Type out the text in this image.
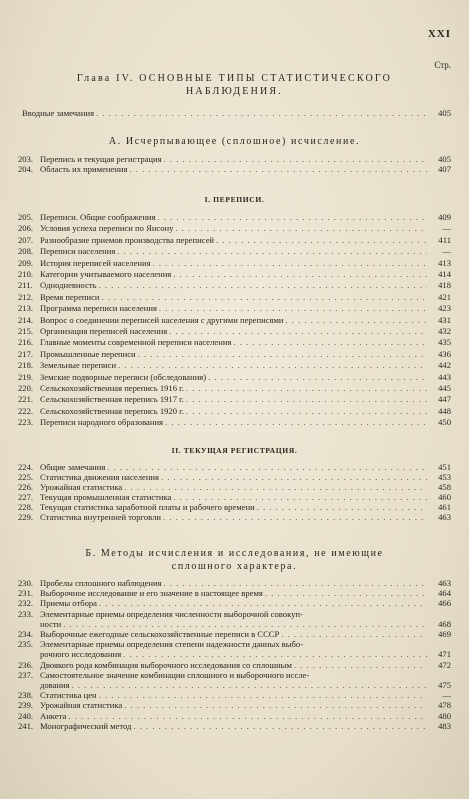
XXI
Стр.
Глава IV. ОСНОВНЫЕ ТИПЫ СТАТИСТИЧЕСКОГО
НАБЛЮДЕНИЯ.
Вводные замечания . . .	405
А. Исчерпывающее (сплошное) исчисление.
203. Перепись и текущая регистрация . . .	405
204. Область их применения . . .	407
I. ПЕРЕПИСИ.
205. Переписи. Общие соображения . . .	409
206. Условия успеха переписи по Янсону . . .	—
207. Разнообразие приемов производства переписей . . .	411
208. Переписи населения . . .	—
209. История переписей населения . . .	413
210. Категории учитываемого населения . . .	414
211. Однодневность . . .	418
212. Время переписи . . .	421
213. Программа переписи населения . . .	423
214. Вопрос о соединении переписей населения с другими переписями . . .	431
215. Организация переписей населения . . .	432
216. Главные моменты современной переписи населения . . .	435
217. Промышленные переписи . . .	436
218. Земельные переписи . . .	442
219. Земские подворные переписи (обследования) . . .	443
220. Сельскохозяйственная перепись 1916 г. . . .	445
221. Сельскохозяйственная перепись 1917 г. . . .	447
222. Сельскохозяйственная перепись 1920 г. . . .	448
223. Переписи народного образования . . .	450
II. ТЕКУЩАЯ РЕГИСТРАЦИЯ.
224. Общие замечания . . .	451
225. Статистика движения населения . . .	453
226. Урожайная статистика . . .	458
227. Текущая промышленная статистика . . .	460
228. Текущая статистика заработной платы и рабочего времени . . .	461
229. Статистика внутренней торговли . . .	463
Б. Методы исчисления и исследования, не имеющие
сплошного характера.
230. Пробелы сплошного наблюдения . . .	463
231. Выборочное исследование и его значение в настоящее время . . .	464
232. Приемы отбора . . .	466
233. Элементарные приемы определения численности выборочной совокуп-
ности . . .	468
234. Выборочные ежегодные сельскохозяйственные переписи в СССР . . .	469
235. Элементарные приемы определения степени надежности данных выбо-
рочного исследования . . .	471
236. Двоякого рода комбинация выборочного исследования со сплошным . . .	472
237. Самостоятельное значение комбинации сплошного и выборочного иссле-
дования . . .	475
238. Статистика цен . . .	—
239. Урожайная статистика . . .	478
240. Анкета . . .	480
241. Монографический метод . . .	483
